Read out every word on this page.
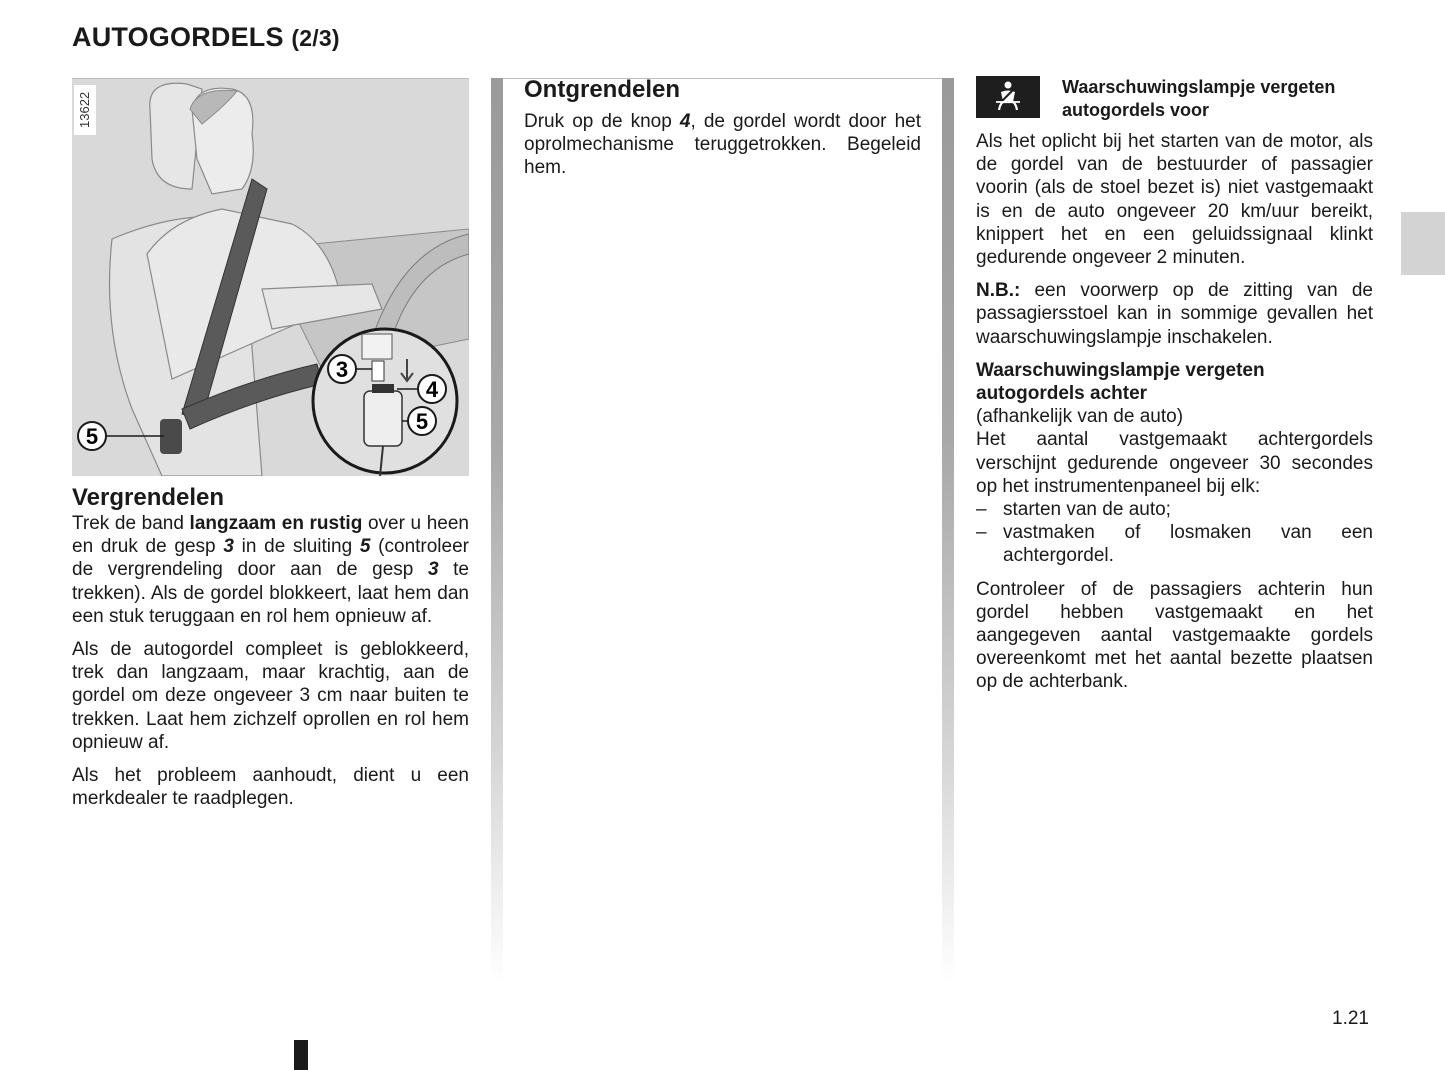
AUTOGORDELS (2/3)
3
4
5
5
13622
Vergrendelen

Trek de band langzaam en rustig over u heen en druk de gesp 3 in de sluiting 5 (controleer de vergrendeling door aan de gesp 3 te trekken). Als de gordel blokkeert, laat hem dan een stuk teruggaan en rol hem opnieuw af.

Als de autogordel compleet is geblokkeerd, trek dan langzaam, maar krachtig, aan de gordel om deze ongeveer 3 cm naar buiten te trekken. Laat hem zichzelf oprollen en rol hem opnieuw af.

Als het probleem aanhoudt, dient u een merkdealer te raadplegen.

Ontgrendelen

Druk op de knop 4, de gordel wordt door het oprolmechanisme teruggetrokken. Begeleid hem.

Waarschuwingslampje vergeten autogordels voor

Als het oplicht bij het starten van de motor, als de gordel van de bestuurder of passagier voorin (als de stoel bezet is) niet vastgemaakt is en de auto ongeveer 20 km/uur bereikt, knippert het en een geluidssignaal klinkt gedurende ongeveer 2 minuten.

N.B.: een voorwerp op de zitting van de passagiersstoel kan in sommige gevallen het waarschuwingslampje inschakelen.

Waarschuwingslampje vergeten autogordels achter
(afhankelijk van de auto)
Het aantal vastgemaakt achtergordels verschijnt gedurende ongeveer 30 secondes op het instrumentenpaneel bij elk:
– starten van de auto;
– vastmaken of losmaken van een achtergordel.

Controleer of de passagiers achterin hun gordel hebben vastgemaakt en het aangegeven aantal vastgemaakte gordels overeenkomt met het aantal bezette plaatsen op de achterbank.

1.21
